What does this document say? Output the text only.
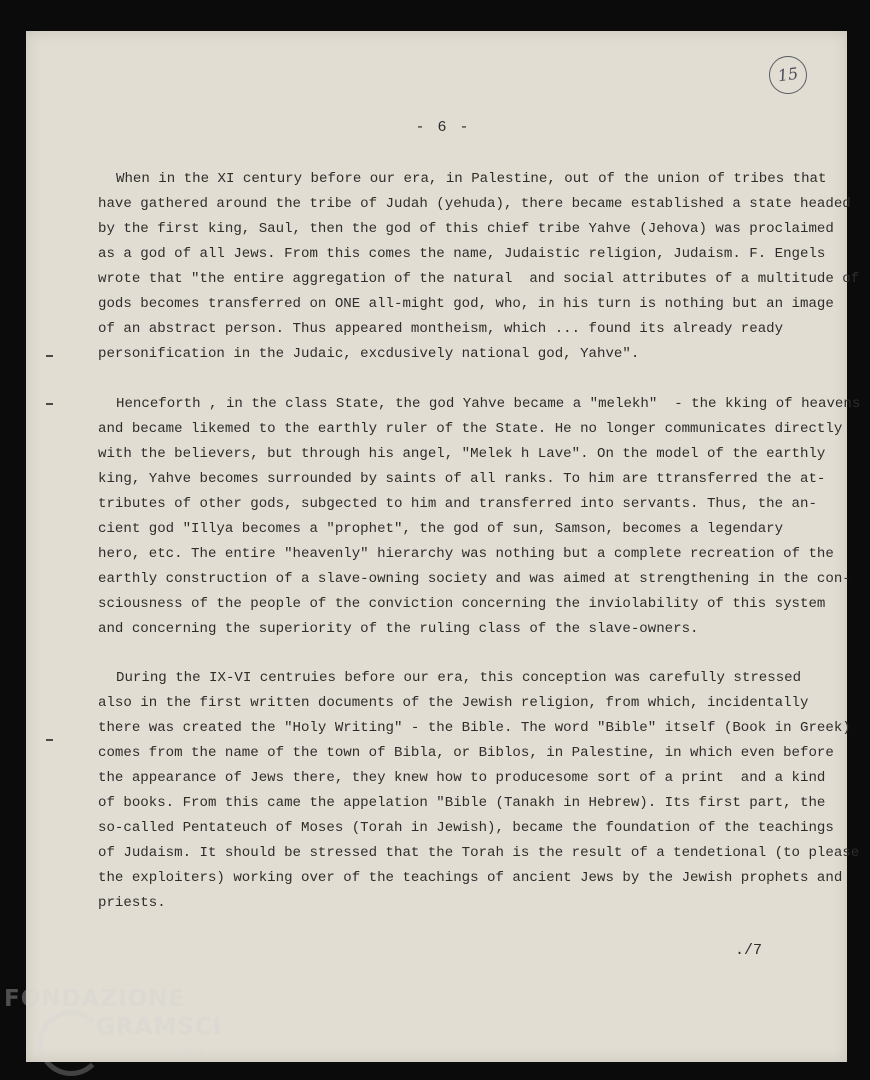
15
- 6 -
When in the XI century before our era, in Palestine, out of the union of tribes that
have gathered around the tribe of Judah (yehuda), there became established a state headed
by the first king, Saul, then the god of this chief tribe Yahve (Jehova) was proclaimed
as a god of all Jews. From this comes the name, Judaistic religion, Judaism. F. Engels
wrote that "the entire aggregation of the natural  and social attributes of a multitude of
gods becomes transferred on ONE all-might god, who, in his turn is nothing but an image
of an abstract person. Thus appeared montheism, which ... found its already ready
personification in the Judaic, excdusively national god, Yahve".
Henceforth , in the class State, the god Yahve became a "melekh"  - the kking of heavens
and became likemed to the earthly ruler of the State. He no longer communicates directly
with the believers, but through his angel, "Melek h Lave". On the model of the earthly
king, Yahve becomes surrounded by saints of all ranks. To him are ttransferred the at-
tributes of other gods, subgected to him and transferred into servants. Thus, the an-
cient god "Illya becomes a "prophet", the god of sun, Samson, becomes a legendary
hero, etc. The entire "heavenly" hierarchy was nothing but a complete recreation of the
earthly construction of a slave-owning society and was aimed at strengthening in the con-
sciousness of the people of the conviction concerning the inviolability of this system
and concerning the superiority of the ruling class of the slave-owners.
During the IX-VI centruies before our era, this conception was carefully stressed
also in the first written documents of the Jewish religion, from which, incidentally
there was created the "Holy Writing" - the Bible. The word "Bible" itself (Book in Greek)
comes from the name of the town of Bibla, or Biblos, in Palestine, in which even before
the appearance of Jews there, they knew how to producesome sort of a print  and a kind
of books. From this came the appelation "Bible (Tanakh in Hebrew). Its first part, the
so-called Pentateuch of Moses (Torah in Jewish), became the foundation of the teachings
of Judaism. It should be stressed that the Torah is the result of a tendetional (to please
the exploiters) working over of the teachings of ancient Jews by the Jewish prophets and
priests.
./7
FONDAZIONE
GRAMSCI
onlus
